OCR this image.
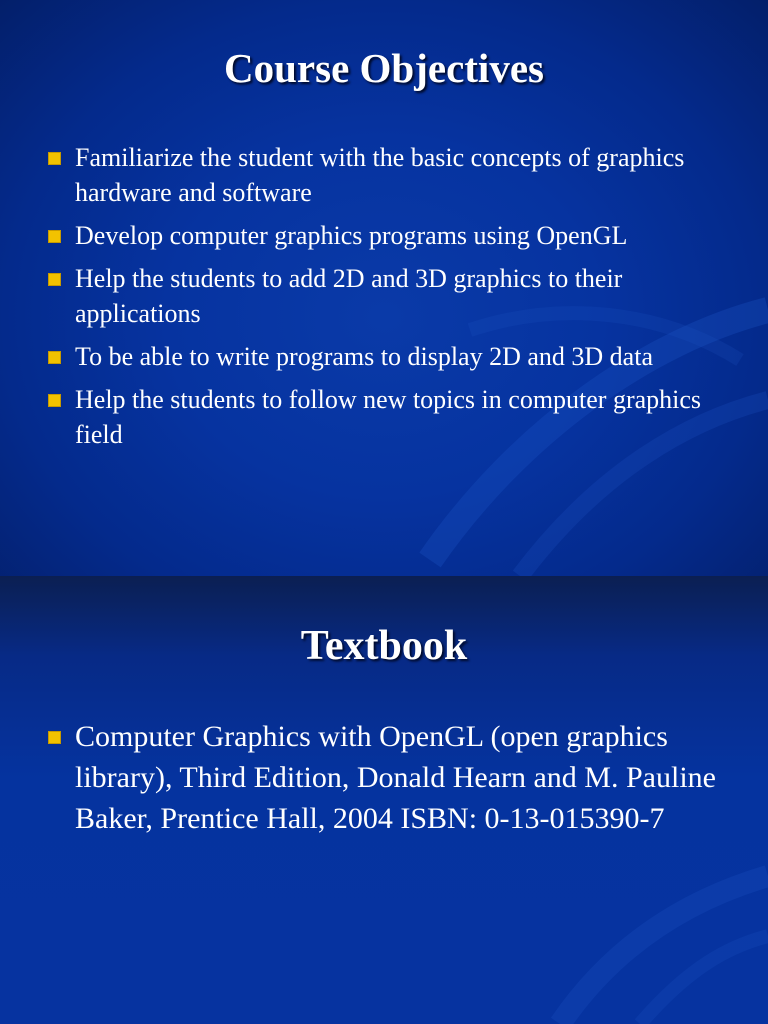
Course Objectives
Familiarize the student with the basic concepts of graphics hardware and software
Develop computer graphics programs using OpenGL
Help the students to add 2D and 3D graphics to their applications
To be able to write programs to display 2D and 3D data
Help the students to follow new topics in computer graphics field
Textbook
Computer Graphics with OpenGL (open graphics library), Third Edition, Donald Hearn and M. Pauline Baker, Prentice Hall, 2004 ISBN: 0-13-015390-7
